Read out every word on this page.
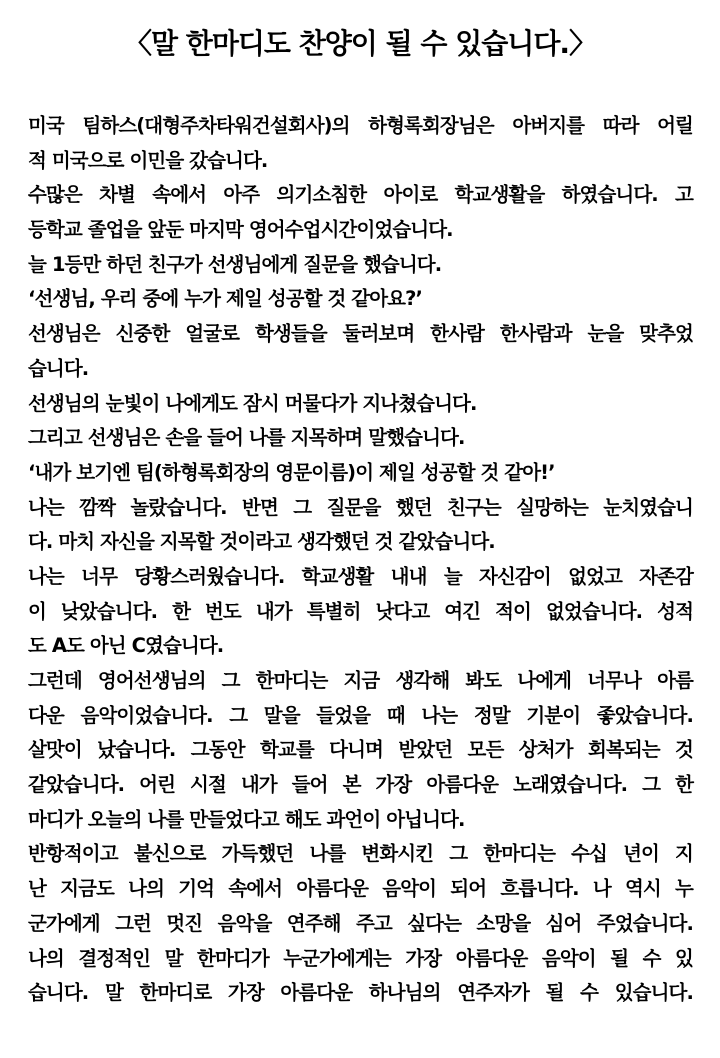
〈말 한마디도 찬양이 될 수 있습니다.〉
미국 팀하스(대형주차타워건설회사)의 하형록회장님은 아버지를 따라 어릴
적 미국으로 이민을 갔습니다.
수많은 차별 속에서 아주 의기소침한 아이로 학교생활을 하였습니다. 고
등학교 졸업을 앞둔 마지막 영어수업시간이었습니다.
늘 1등만 하던 친구가 선생님에게 질문을 했습니다.
‘선생님, 우리 중에 누가 제일 성공할 것 같아요?’
선생님은 신중한 얼굴로 학생들을 둘러보며 한사람 한사람과 눈을 맞추었
습니다.
선생님의 눈빛이 나에게도 잠시 머물다가 지나쳤습니다.
그리고 선생님은 손을 들어 나를 지목하며 말했습니다.
‘내가 보기엔 팀(하형록회장의 영문이름)이 제일 성공할 것 같아!’
나는 깜짝 놀랐습니다. 반면 그 질문을 했던 친구는 실망하는 눈치였습니
다. 마치 자신을 지목할 것이라고 생각했던 것 같았습니다.
나는 너무 당황스러웠습니다. 학교생활 내내 늘 자신감이 없었고 자존감
이 낮았습니다. 한 번도 내가 특별히 낫다고 여긴 적이 없었습니다. 성적
도 A도 아닌 C였습니다.
그런데 영어선생님의 그 한마디는 지금 생각해 봐도 나에게 너무나 아름
다운 음악이었습니다. 그 말을 들었을 때 나는 정말 기분이 좋았습니다.
살맛이 났습니다. 그동안 학교를 다니며 받았던 모든 상처가 회복되는 것
같았습니다. 어린 시절 내가 들어 본 가장 아름다운 노래였습니다. 그 한
마디가 오늘의 나를 만들었다고 해도 과언이 아닙니다.
반항적이고 불신으로 가득했던 나를 변화시킨 그 한마디는 수십 년이 지
난 지금도 나의 기억 속에서 아름다운 음악이 되어 흐릅니다. 나 역시 누
군가에게 그런 멋진 음악을 연주해 주고 싶다는 소망을 심어 주었습니다.
나의 결정적인 말 한마디가 누군가에게는 가장 아름다운 음악이 될 수 있
습니다. 말 한마디로 가장 아름다운 하나님의 연주자가 될 수 있습니다.
